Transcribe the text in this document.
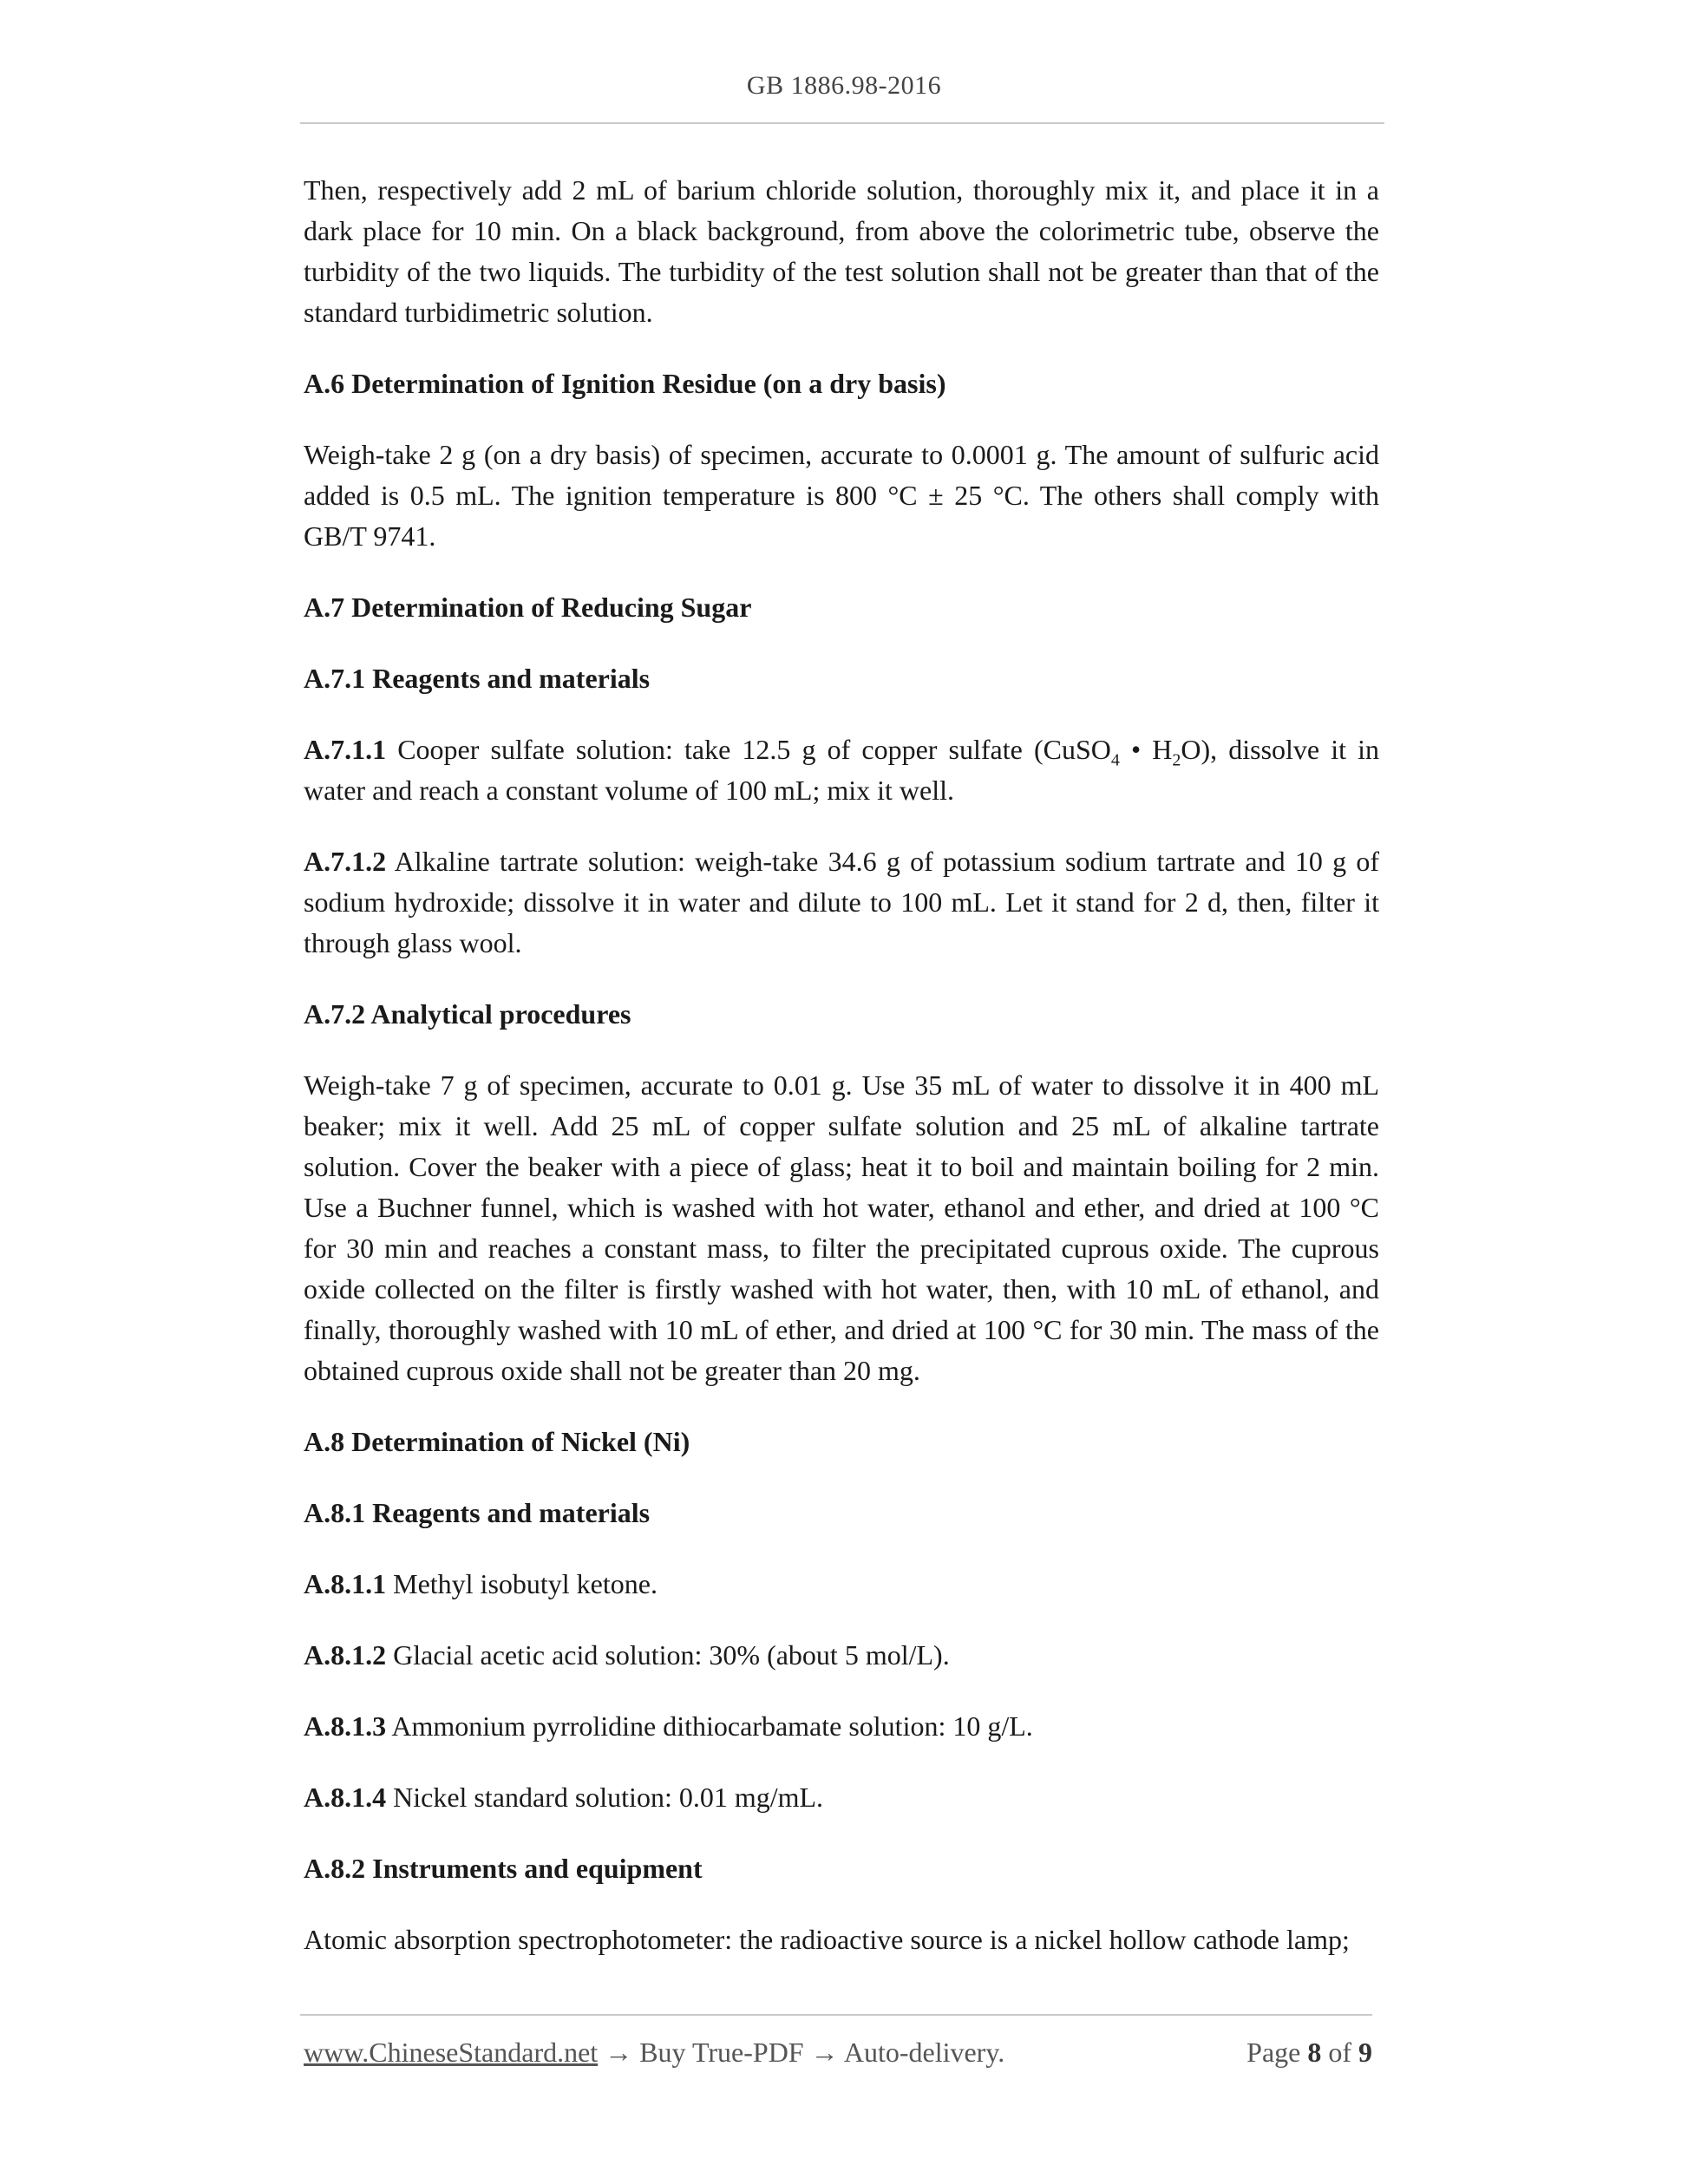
GB 1886.98-2016

Then, respectively add 2 mL of barium chloride solution, thoroughly mix it, and place it in a dark place for 10 min. On a black background, from above the colorimetric tube, observe the turbidity of the two liquids. The turbidity of the test solution shall not be greater than that of the standard turbidimetric solution.

A.6 Determination of Ignition Residue (on a dry basis)

Weigh-take 2 g (on a dry basis) of specimen, accurate to 0.0001 g. The amount of sulfuric acid added is 0.5 mL. The ignition temperature is 800 °C ± 25 °C. The others shall comply with GB/T 9741.

A.7 Determination of Reducing Sugar

A.7.1 Reagents and materials

A.7.1.1 Cooper sulfate solution: take 12.5 g of copper sulfate (CuSO$_4$ • $H_2O$), dissolve it in water and reach a constant volume of 100 mL; mix it well.

A.7.1.2 Alkaline tartrate solution: weigh-take 34.6 g of potassium sodium tartrate and 10 g of sodium hydroxide; dissolve it in water and dilute to 100 mL. Let it stand for 2 d, then, filter it through glass wool.

A.7.2 Analytical procedures

Weigh-take 7 g of specimen, accurate to 0.01 g. Use 35 mL of water to dissolve it in 400 mL beaker; mix it well. Add 25 mL of copper sulfate solution and 25 mL of alkaline tartrate solution. Cover the beaker with a piece of glass; heat it to boil and maintain boiling for 2 min. Use a Buchner funnel, which is washed with hot water, ethanol and ether, and dried at 100 °C for 30 min and reaches a constant mass, to filter the precipitated cuprous oxide. The cuprous oxide collected on the filter is firstly washed with hot water, then, with 10 mL of ethanol, and finally, thoroughly washed with 10 mL of ether, and dried at 100 °C for 30 min. The mass of the obtained cuprous oxide shall not be greater than 20 mg.

A.8 Determination of Nickel (Ni)

A.8.1 Reagents and materials

A.8.1.1 Methyl isobutyl ketone.

A.8.1.2 Glacial acetic acid solution: 30% (about 5 mol/L).

A.8.1.3 Ammonium pyrrolidine dithiocarbamate solution: 10 g/L.

A.8.1.4 Nickel standard solution: 0.01 mg/mL.

A.8.2 Instruments and equipment

Atomic absorption spectrophotometer: the radioactive source is a nickel hollow cathode lamp;

www.ChineseStandard.net → Buy True-PDF → Auto-delivery.	Page 8 of 9
